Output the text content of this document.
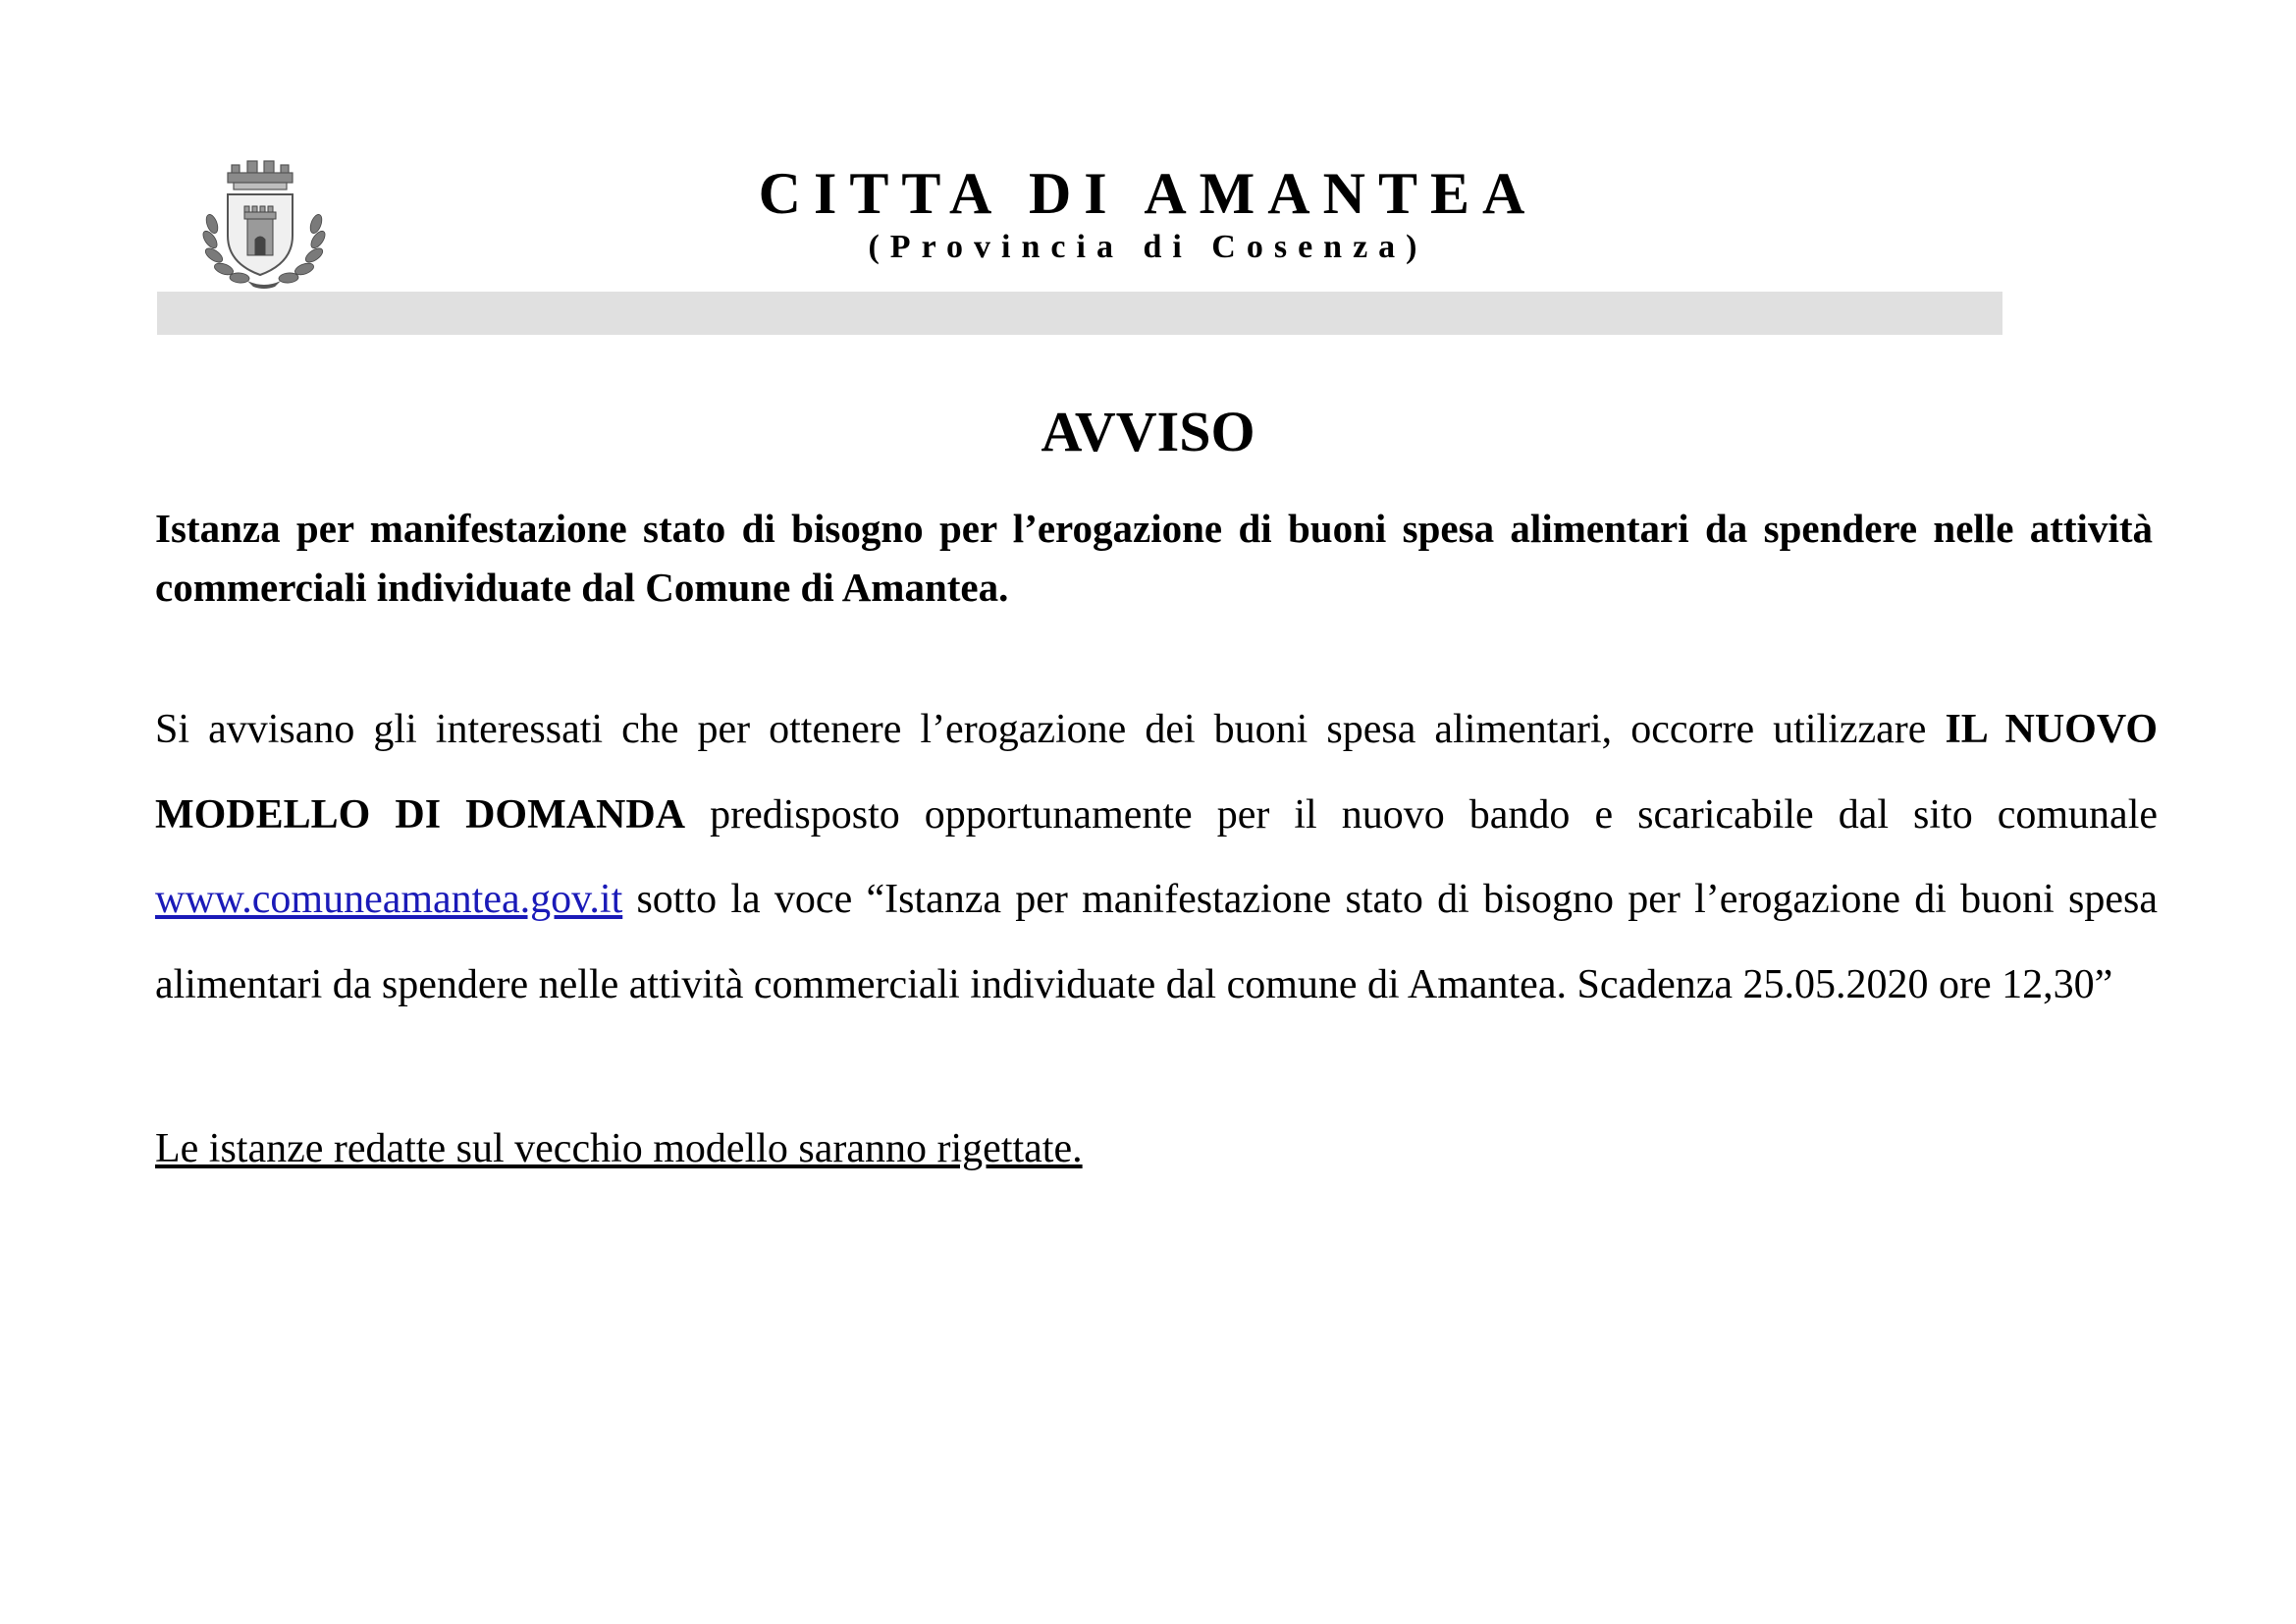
CITTA DI AMANTEA
(Provincia di Cosenza)
AVVISO
Istanza per manifestazione stato di bisogno per l’erogazione di buoni spesa alimentari da spendere nelle attività commerciali individuate dal Comune di Amantea.
Si avvisano gli interessati che per ottenere l’erogazione dei buoni spesa alimentari, occorre utilizzare IL NUOVO MODELLO DI DOMANDA predisposto opportunamente per il nuovo bando e scaricabile dal sito comunale www.comuneamantea.gov.it sotto la voce “Istanza per manifestazione stato di bisogno per l’erogazione di buoni spesa alimentari da spendere nelle attività commerciali individuate dal comune di Amantea. Scadenza 25.05.2020 ore 12,30”
Le istanze redatte sul vecchio modello saranno rigettate.
